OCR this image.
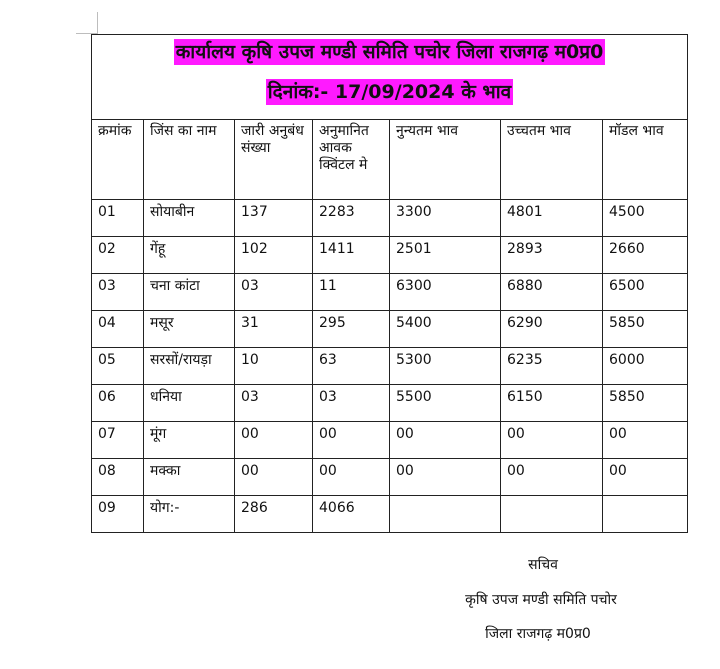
कार्यालय कृषि उपज मण्डी समिति पचोर जिला राजगढ़ म0प्र0
दिनांक:- 17/09/2024 के भाव						
क्रमांक	जिंस का नाम	जारी अनुबंध संख्या	अनुमानित आवक क्विंटल मे	नुन्यतम भाव	उच्चतम भाव	मॉडल भाव
01	सोयाबीन	137	2283	3300	4801	4500
02	गेंहू	102	1411	2501	2893	2660
03	चना कांटा	03	11	6300	6880	6500
04	मसूर	31	295	5400	6290	5850
05	सरसों/रायड़ा	10	63	5300	6235	6000
06	धनिया	03	03	5500	6150	5850
07	मूंग	00	00	00	00	00
08	मक्का	00	00	00	00	00
09	योग:-	286	4066			
सचिव
कृषि उपज मण्डी समिति पचोर
जिला राजगढ़ म0प्र0
